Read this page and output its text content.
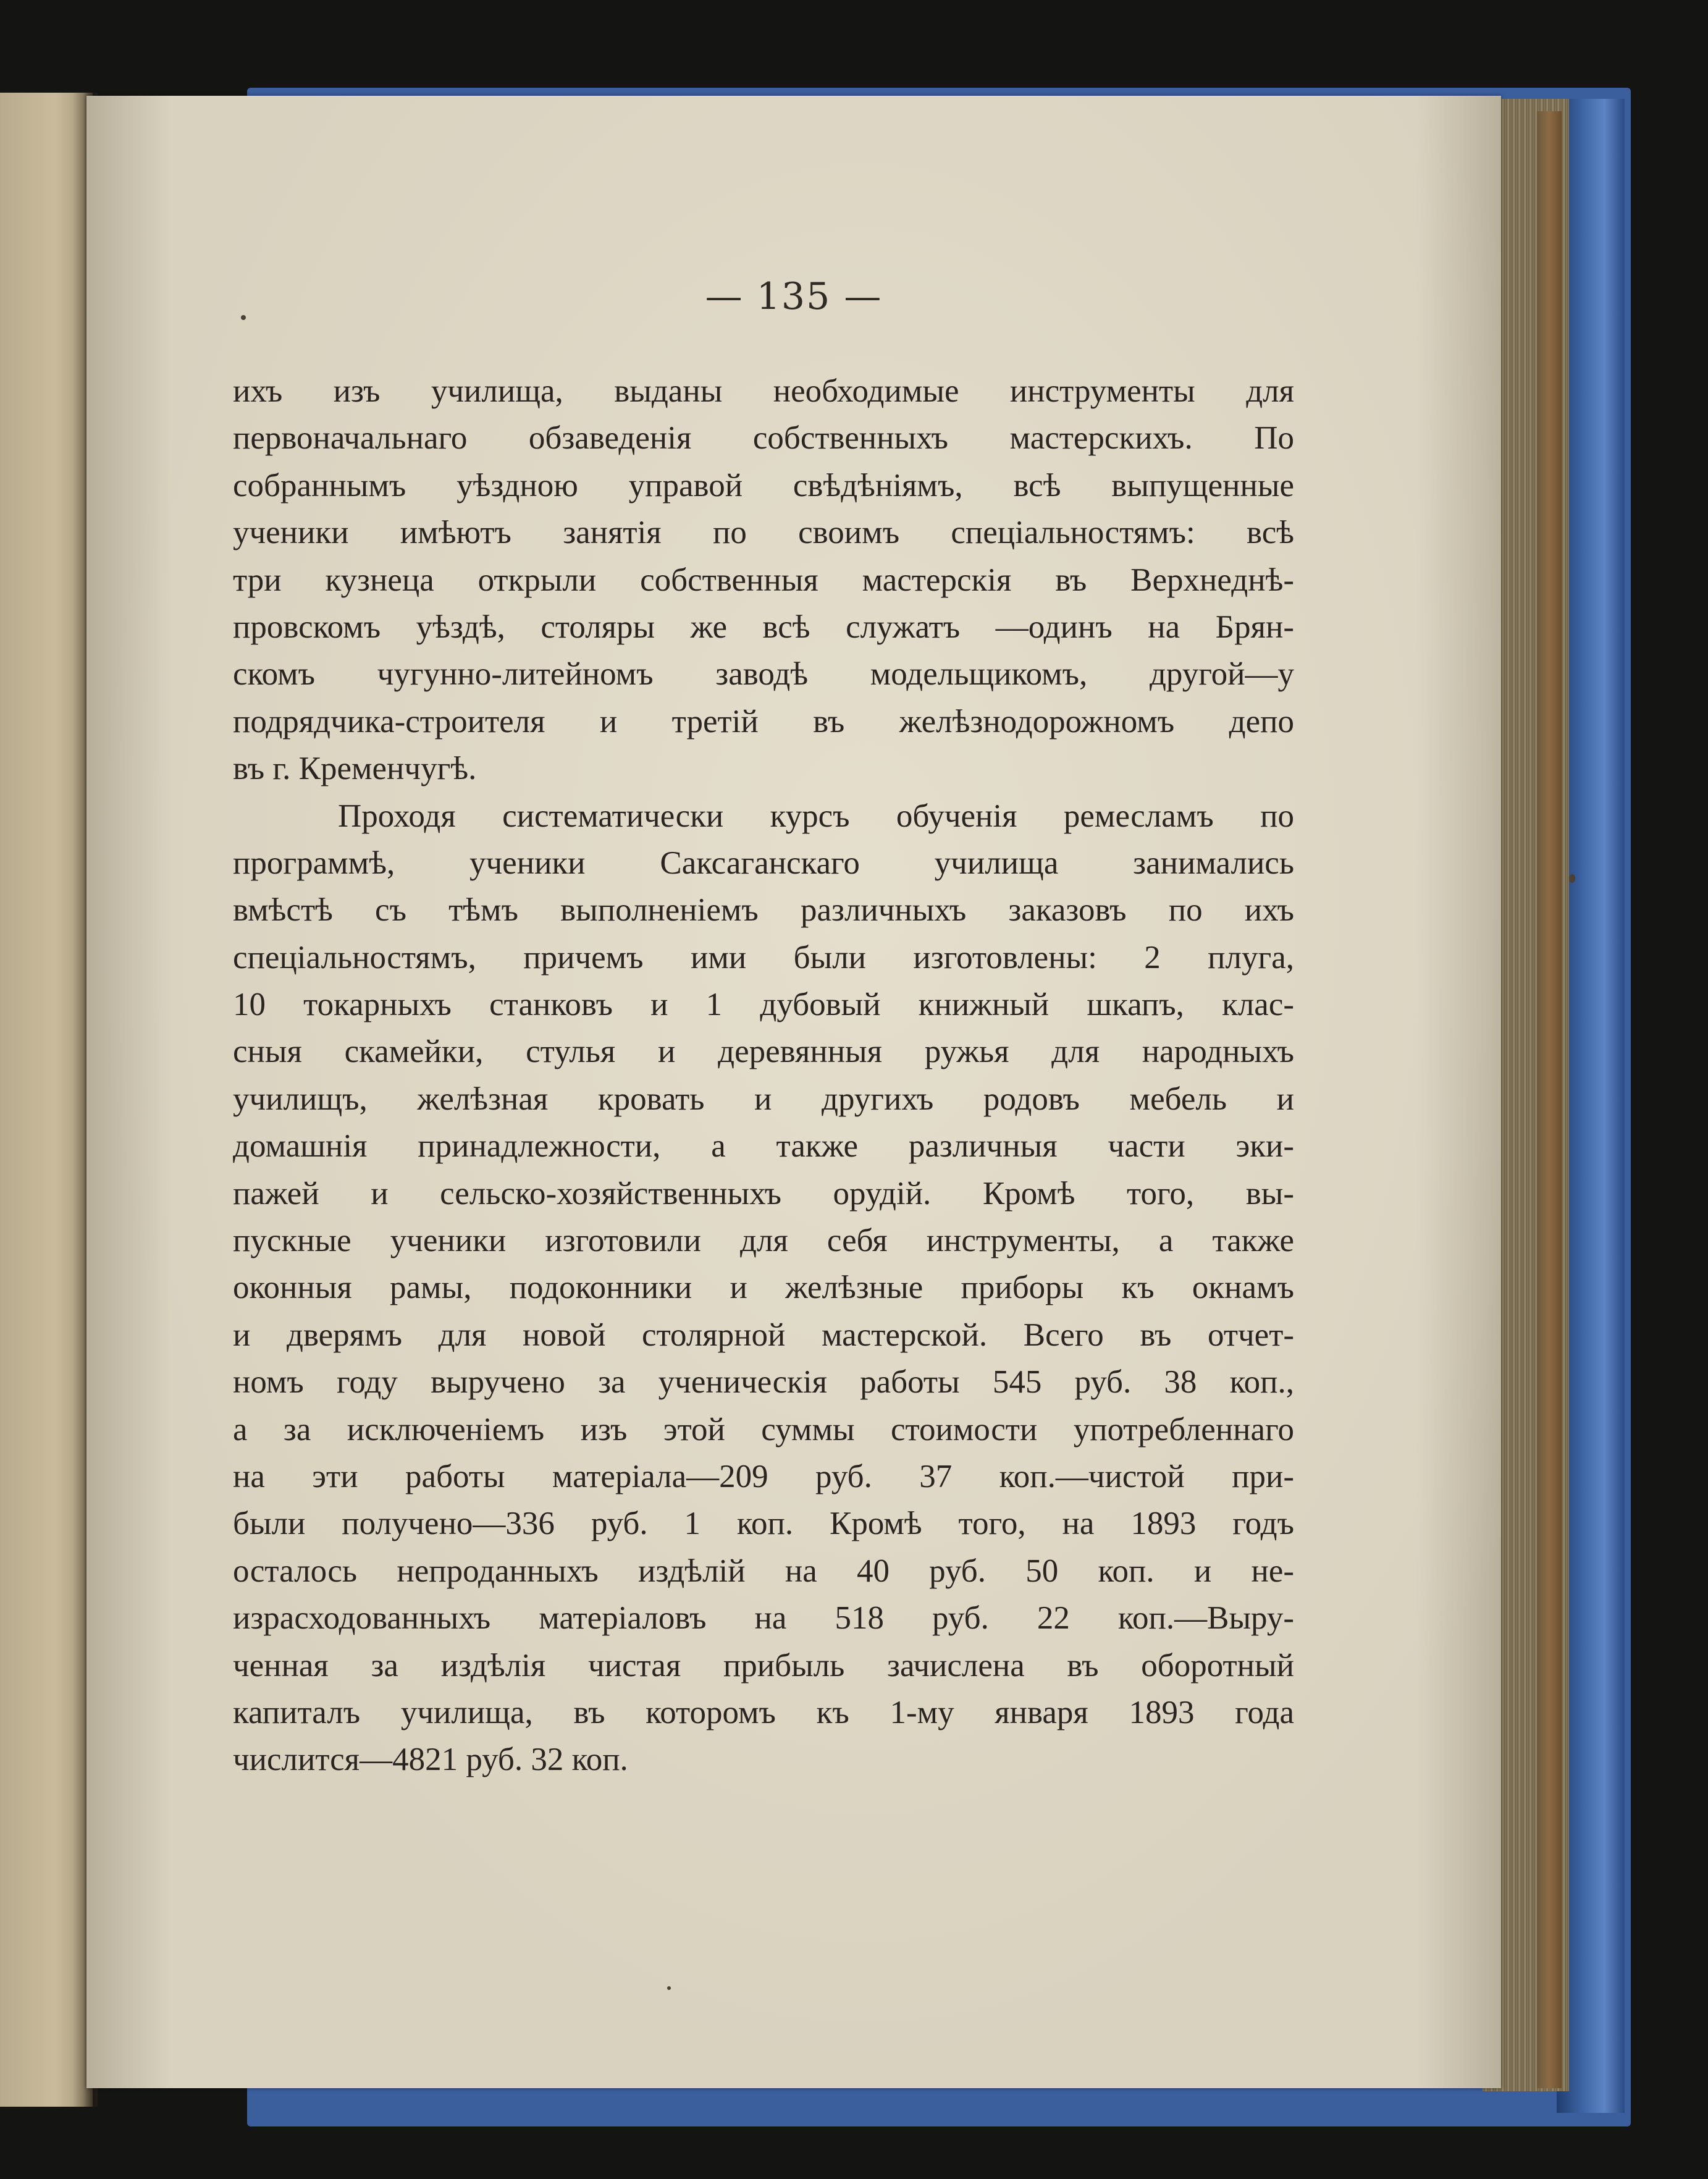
— 135 —
ихъ изъ училища, выданы необходимые инструменты для
первоначальнаго обзаведенія собственныхъ мастерскихъ. По
собраннымъ уѣздною управой свѣдѣніямъ, всѣ выпущенные
ученики имѣютъ занятія по своимъ спеціальностямъ: всѣ
три кузнеца открыли собственныя мастерскія въ Верхнеднѣ-
провскомъ уѣздѣ, столяры же всѣ служатъ —одинъ на Брян-
скомъ чугунно-литейномъ заводѣ модельщикомъ, другой—у
подрядчика-строителя и третій въ желѣзнодорожномъ депо
въ г. Кременчугѣ.
Проходя систематически курсъ обученія ремесламъ по
программѣ, ученики Саксаганскаго училища занимались
вмѣстѣ съ тѣмъ выполненіемъ различныхъ заказовъ по ихъ
спеціальностямъ, причемъ ими были изготовлены: 2 плуга,
10 токарныхъ станковъ и 1 дубовый книжный шкапъ, клас-
сныя скамейки, стулья и деревянныя ружья для народныхъ
училищъ, желѣзная кровать и другихъ родовъ мебель и
домашнія принадлежности, а также различныя части эки-
пажей и сельско-хозяйственныхъ орудій. Кромѣ того, вы-
пускные ученики изготовили для себя инструменты, а также
оконныя рамы, подоконники и желѣзные приборы къ окнамъ
и дверямъ для новой столярной мастерской. Всего въ отчет-
номъ году выручено за ученическія работы 545 руб. 38 коп.,
а за исключеніемъ изъ этой суммы стоимости употребленнаго
на эти работы матеріала—209 руб. 37 коп.—чистой при-
были получено—336 руб. 1 коп. Кромѣ того, на 1893 годъ
осталось непроданныхъ издѣлій на 40 руб. 50 коп. и не-
израсходованныхъ матеріаловъ на 518 руб. 22 коп.—Выру-
ченная за издѣлія чистая прибыль зачислена въ оборотный
капиталъ училища, въ которомъ къ 1-му января 1893 года
числится—4821 руб. 32 коп.
